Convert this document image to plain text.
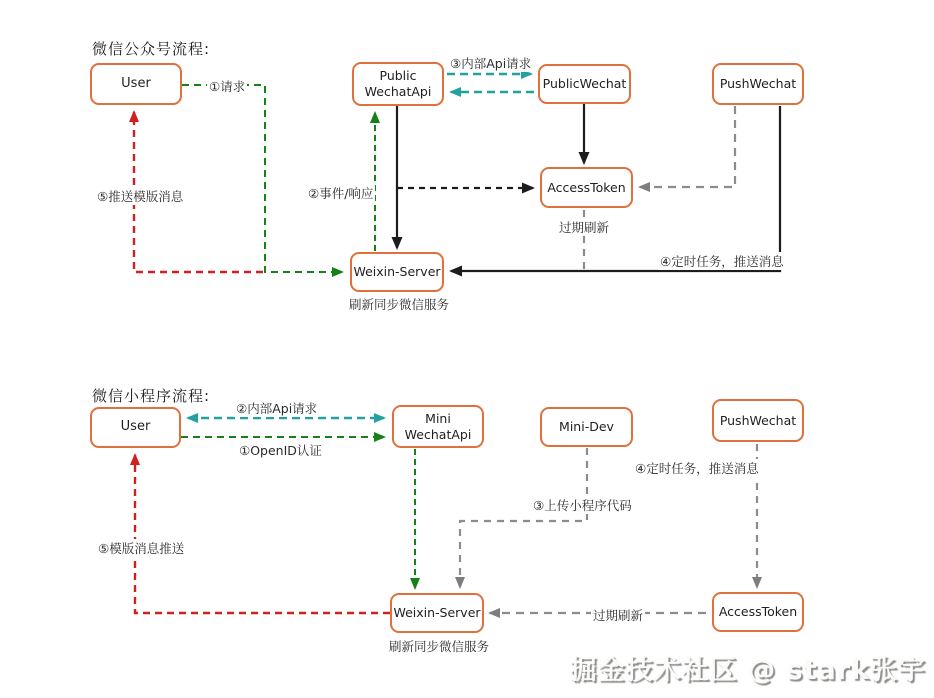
微信公众号流程:
User	Public
WechatApi
PublicWechat	PushWechat
AccessToken
Weixin-Server
①请求
③内部Api请求
②事件/响应
⑤推送模版消息
过期刷新
④定时任务，推送消息
刷新同步微信服务
微信小程序流程:
User
Mini
WechatApi	Mini-Dev	PushWechat
Weixin-Server	AccessToken
②内部Api请求
①OpenID认证
⑤模版消息推送
③上传小程序代码
④定时任务，推送消息
过期刷新
刷新同步微信服务
掘金技术社区 @ stark张宇
